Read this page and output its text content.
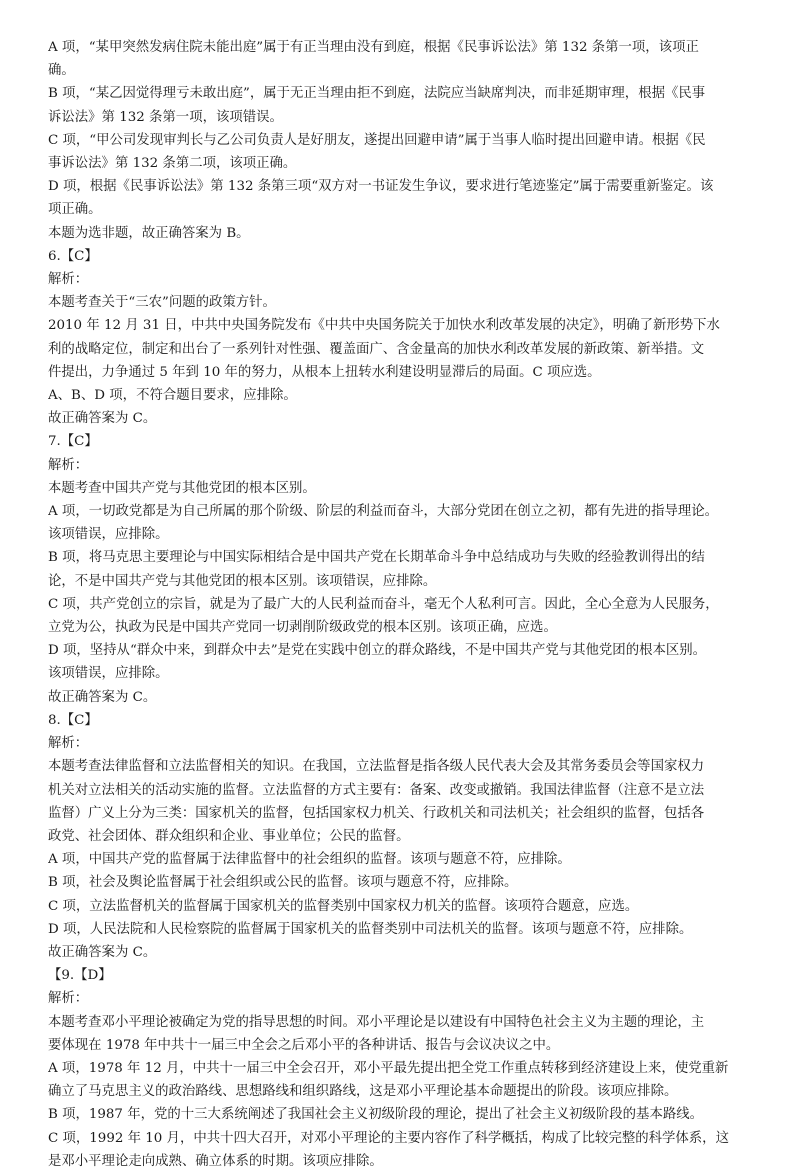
A 项，“某甲突然发病住院未能出庭”属于有正当理由没有到庭，根据《民事诉讼法》第 132 条第一项，该项正
确。
B 项，“某乙因觉得理亏未敢出庭”，属于无正当理由拒不到庭，法院应当缺席判决，而非延期审理，根据《民事
诉讼法》第 132 条第一项，该项错误。
C 项，“甲公司发现审判长与乙公司负责人是好朋友，遂提出回避申请”属于当事人临时提出回避申请。根据《民
事诉讼法》第 132 条第二项，该项正确。
D 项，根据《民事诉讼法》第 132 条第三项“双方对一书证发生争议，要求进行笔迹鉴定”属于需要重新鉴定。该
项正确。
本题为选非题，故正确答案为 B。
6.【C】
解析：
本题考查关于“三农”问题的政策方针。
2010 年 12 月 31 日，中共中央国务院发布《中共中央国务院关于加快水利改革发展的决定》，明确了新形势下水
利的战略定位，制定和出台了一系列针对性强、覆盖面广、含金量高的加快水利改革发展的新政策、新举措。文
件提出，力争通过 5 年到 10 年的努力，从根本上扭转水利建设明显滞后的局面。C 项应选。
A、B、D 项，不符合题目要求，应排除。
故正确答案为 C。
7.【C】
解析：
本题考查中国共产党与其他党团的根本区别。
A 项，一切政党都是为自己所属的那个阶级、阶层的利益而奋斗，大部分党团在创立之初，都有先进的指导理论。
该项错误，应排除。
B 项，将马克思主要理论与中国实际相结合是中国共产党在长期革命斗争中总结成功与失败的经验教训得出的结
论，不是中国共产党与其他党团的根本区别。该项错误，应排除。
C 项，共产党创立的宗旨，就是为了最广大的人民利益而奋斗，毫无个人私利可言。因此，全心全意为人民服务，
立党为公，执政为民是中国共产党同一切剥削阶级政党的根本区别。该项正确，应选。
D 项，坚持从“群众中来，到群众中去”是党在实践中创立的群众路线，不是中国共产党与其他党团的根本区别。
该项错误，应排除。
故正确答案为 C。
8.【C】
解析：
本题考查法律监督和立法监督相关的知识。在我国，立法监督是指各级人民代表大会及其常务委员会等国家权力
机关对立法相关的活动实施的监督。立法监督的方式主要有：备案、改变或撤销。我国法律监督（注意不是立法
监督）广义上分为三类：国家机关的监督，包括国家权力机关、行政机关和司法机关；社会组织的监督，包括各
政党、社会团体、群众组织和企业、事业单位；公民的监督。
A 项，中国共产党的监督属于法律监督中的社会组织的监督。该项与题意不符，应排除。
B 项，社会及舆论监督属于社会组织或公民的监督。该项与题意不符，应排除。
C 项，立法监督机关的监督属于国家机关的监督类别中国家权力机关的监督。该项符合题意，应选。
D 项，人民法院和人民检察院的监督属于国家机关的监督类别中司法机关的监督。该项与题意不符，应排除。
故正确答案为 C。
【9.【D】
解析：
本题考查邓小平理论被确定为党的指导思想的时间。邓小平理论是以建设有中国特色社会主义为主题的理论，主
要体现在 1978 年中共十一届三中全会之后邓小平的各种讲话、报告与会议决议之中。
A 项，1978 年 12 月，中共十一届三中全会召开，邓小平最先提出把全党工作重点转移到经济建设上来，使党重新
确立了马克思主义的政治路线、思想路线和组织路线，这是邓小平理论基本命题提出的阶段。该项应排除。
B 项，1987 年，党的十三大系统阐述了我国社会主义初级阶段的理论，提出了社会主义初级阶段的基本路线。
C 项，1992 年 10 月，中共十四大召开，对邓小平理论的主要内容作了科学概括，构成了比较完整的科学体系，这
是邓小平理论走向成熟、确立体系的时期。该项应排除。
